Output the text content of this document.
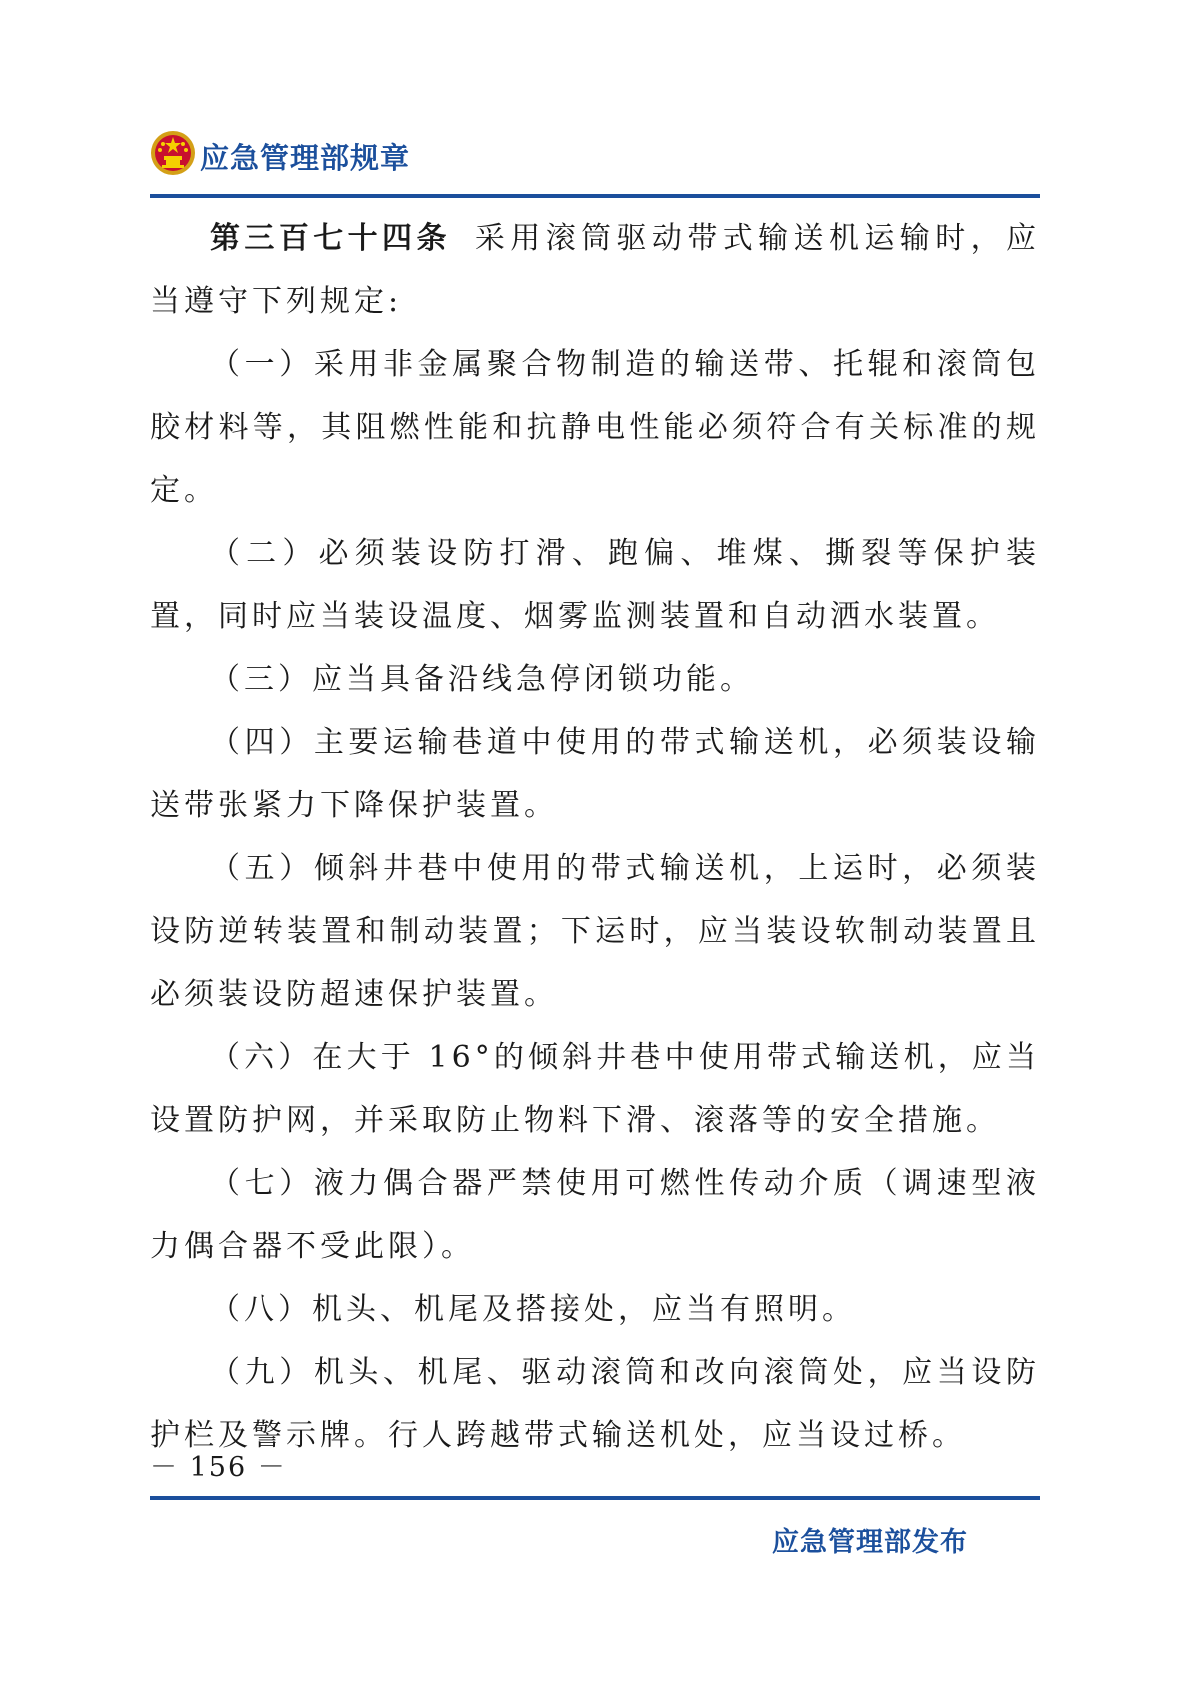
应急管理部规章

第三百七十四条 采用滚筒驱动带式输送机运输时，应当遵守下列规定:

（一）采用非金属聚合物制造的输送带、托辊和滚筒包胶材料等，其阻燃性能和抗静电性能必须符合有关标准的规定。

（二）必须装设防打滑、跑偏、堆煤、撕裂等保护装置，同时应当装设温度、烟雾监测装置和自动洒水装置。

（三）应当具备沿线急停闭锁功能。

（四）主要运输巷道中使用的带式输送机，必须装设输送带张紧力下降保护装置。

（五）倾斜井巷中使用的带式输送机，上运时，必须装设防逆转装置和制动装置；下运时，应当装设软制动装置且必须装设防超速保护装置。

（六）在大于 16°的倾斜井巷中使用带式输送机，应当设置防护网，并采取防止物料下滑、滚落等的安全措施。

（七）液力偶合器严禁使用可燃性传动介质（调速型液力偶合器不受此限）。

（八）机头、机尾及搭接处，应当有照明。

（九）机头、机尾、驱动滚筒和改向滚筒处，应当设防护栏及警示牌。行人跨越带式输送机处，应当设过桥。

－ 156 －
应急管理部发布
